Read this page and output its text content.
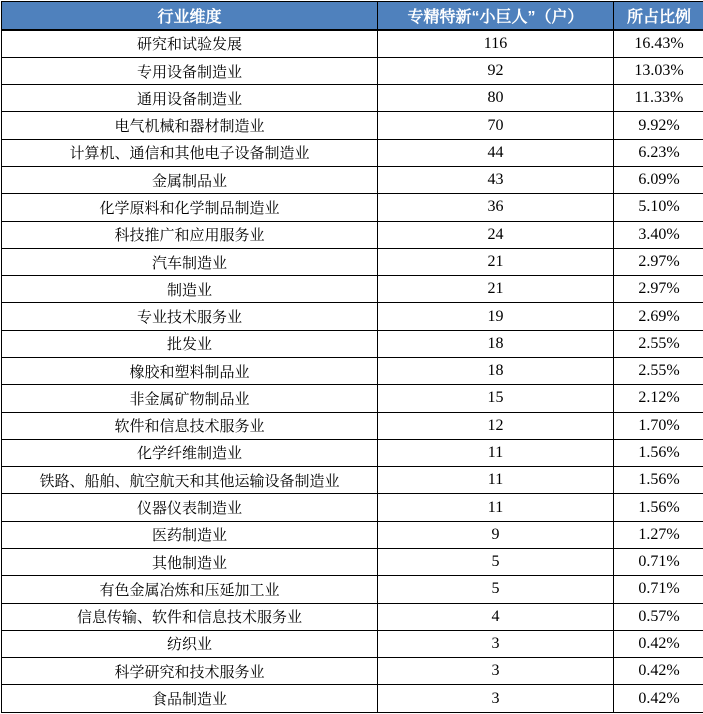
行业维度	专精特新“小巨人”（户）	所占比例
研究和试验发展	116	16.43%
专用设备制造业	92	13.03%
通用设备制造业	80	11.33%
电气机械和器材制造业	70	9.92%
计算机、通信和其他电子设备制造业	44	6.23%
金属制品业	43	6.09%
化学原料和化学制品制造业	36	5.10%
科技推广和应用服务业	24	3.40%
汽车制造业	21	2.97%
制造业	21	2.97%
专业技术服务业	19	2.69%
批发业	18	2.55%
橡胶和塑料制品业	18	2.55%
非金属矿物制品业	15	2.12%
软件和信息技术服务业	12	1.70%
化学纤维制造业	11	1.56%
铁路、船舶、航空航天和其他运输设备制造业	11	1.56%
仪器仪表制造业	11	1.56%
医药制造业	9	1.27%
其他制造业	5	0.71%
有色金属冶炼和压延加工业	5	0.71%
信息传输、软件和信息技术服务业	4	0.57%
纺织业	3	0.42%
科学研究和技术服务业	3	0.42%
食品制造业	3	0.42%
